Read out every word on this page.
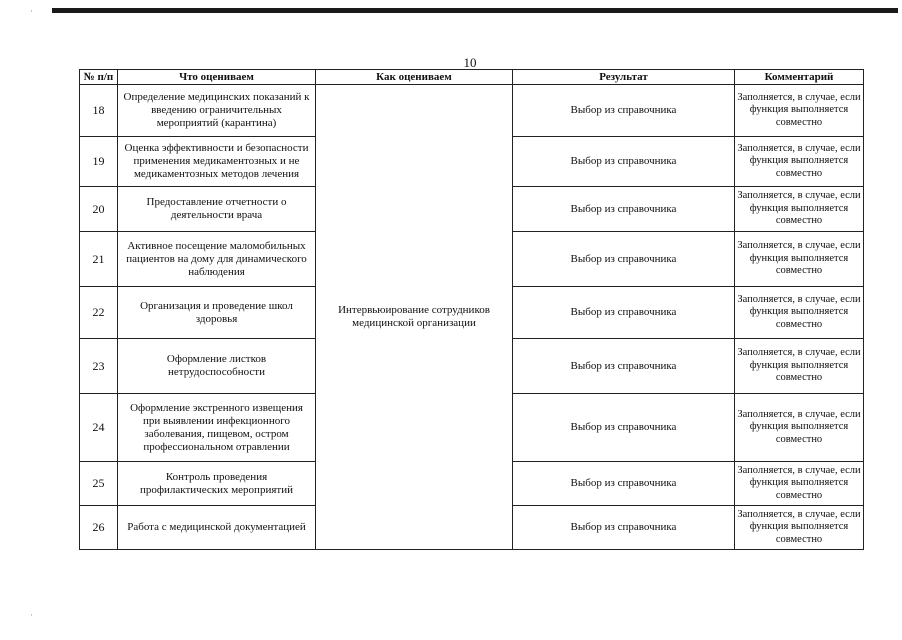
·
·
10
№ п/п	Что оцениваем	Как оцениваем	Результат	Комментарий
18	Определение медицинских показаний к введению ограничительных мероприятий (карантина)	Интервьюирование сотрудников медицинской организации	Выбор из справочника	Заполняется, в случае, если функция выполняется совместно
19	Оценка эффективности и безопасности применения медикаментозных и не медикаментозных методов лечения		Выбор из справочника	Заполняется, в случае, если функция выполняется совместно
20	Предоставление отчетности о деятельности врача		Выбор из справочника	Заполняется, в случае, если функция выполняется совместно
21	Активное посещение маломобильных пациентов на дому для динамического наблюдения		Выбор из справочника	Заполняется, в случае, если функция выполняется совместно
22	Организация и проведение школ здоровья		Выбор из справочника	Заполняется, в случае, если функция выполняется совместно
23	Оформление листков нетрудоспособности		Выбор из справочника	Заполняется, в случае, если функция выполняется совместно
24	Оформление экстренного извещения при выявлении инфекционного заболевания, пищевом, остром профессиональном отравлении		Выбор из справочника	Заполняется, в случае, если функция выполняется совместно
25	Контроль проведения профилактических мероприятий		Выбор из справочника	Заполняется, в случае, если функция выполняется совместно
26	Работа с медицинской документацией		Выбор из справочника	Заполняется, в случае, если функция выполняется совместно
